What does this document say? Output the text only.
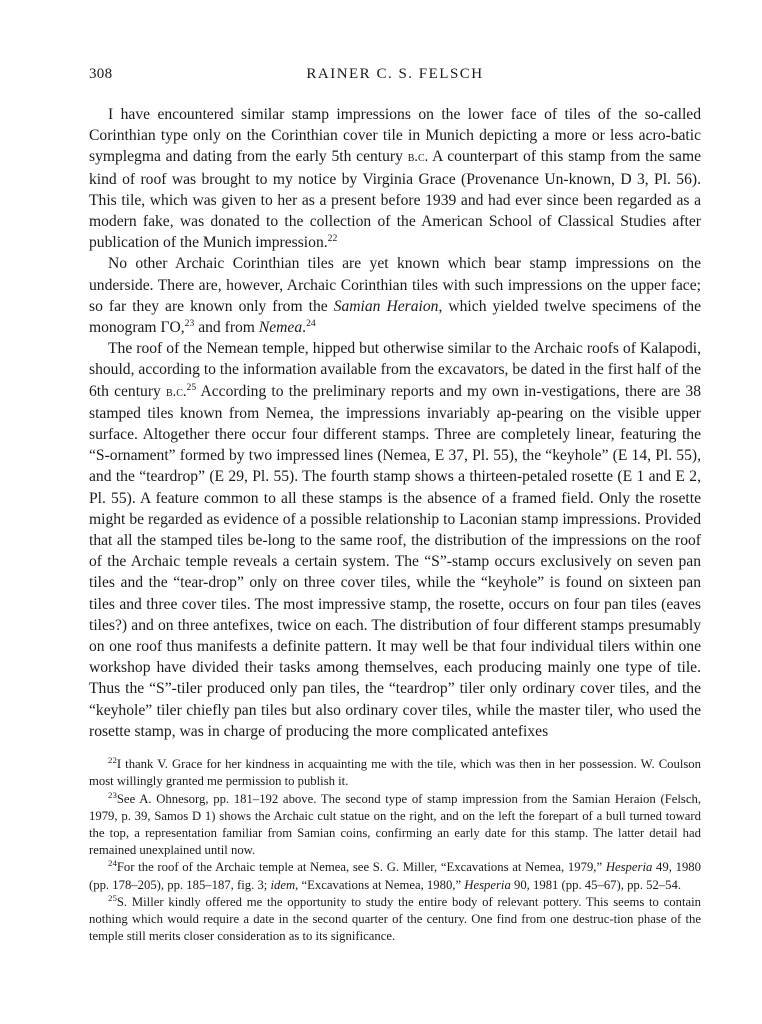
308	RAINER C. S. FELSCH

I have encountered similar stamp impressions on the lower face of tiles of the so-called Corinthian type only on the Corinthian cover tile in Munich depicting a more or less acro-batic symplegma and dating from the early 5th century b.c. A counterpart of this stamp from the same kind of roof was brought to my notice by Virginia Grace (Provenance Un-known, D 3, Pl. 56). This tile, which was given to her as a present before 1939 and had ever since been regarded as a modern fake, was donated to the collection of the American School of Classical Studies after publication of the Munich impression.$^{22}$

No other Archaic Corinthian tiles are yet known which bear stamp impressions on the underside. There are, however, Archaic Corinthian tiles with such impressions on the upper face; so far they are known only from the Samian Heraion, which yielded twelve specimens of the monogram ΓΟ,$^{23}$ and from Nemea.$^{24}$

The roof of the Nemean temple, hipped but otherwise similar to the Archaic roofs of Kalapodi, should, according to the information available from the excavators, be dated in the first half of the 6th century b.c.$^{25}$ According to the preliminary reports and my own in-vestigations, there are 38 stamped tiles known from Nemea, the impressions invariably ap-pearing on the visible upper surface. Altogether there occur four different stamps. Three are completely linear, featuring the “S-ornament” formed by two impressed lines (Nemea, E 37, Pl. 55), the “keyhole” (E 14, Pl. 55), and the “teardrop” (E 29, Pl. 55). The fourth stamp shows a thirteen-petaled rosette (E 1 and E 2, Pl. 55). A feature common to all these stamps is the absence of a framed field. Only the rosette might be regarded as evidence of a possible relationship to Laconian stamp impressions. Provided that all the stamped tiles be-long to the same roof, the distribution of the impressions on the roof of the Archaic temple reveals a certain system. The “S”-stamp occurs exclusively on seven pan tiles and the “tear-drop” only on three cover tiles, while the “keyhole” is found on sixteen pan tiles and three cover tiles. The most impressive stamp, the rosette, occurs on four pan tiles (eaves tiles?) and on three antefixes, twice on each. The distribution of four different stamps presumably on one roof thus manifests a definite pattern. It may well be that four individual tilers within one workshop have divided their tasks among themselves, each producing mainly one type of tile. Thus the “S”-tiler produced only pan tiles, the “teardrop” tiler only ordinary cover tiles, and the “keyhole” tiler chiefly pan tiles but also ordinary cover tiles, while the master tiler, who used the rosette stamp, was in charge of producing the more complicated antefixes

$^{22}$I thank V. Grace for her kindness in acquainting me with the tile, which was then in her possession. W. Coulson most willingly granted me permission to publish it.

$^{23}$See A. Ohnesorg, pp. 181–192 above. The second type of stamp impression from the Samian Heraion (Felsch, 1979, p. 39, Samos D 1) shows the Archaic cult statue on the right, and on the left the forepart of a bull turned toward the top, a representation familiar from Samian coins, confirming an early date for this stamp. The latter detail had remained unexplained until now.

$^{24}$For the roof of the Archaic temple at Nemea, see S. G. Miller, “Excavations at Nemea, 1979,” Hesperia 49, 1980 (pp. 178–205), pp. 185–187, fig. 3; idem, “Excavations at Nemea, 1980,” Hesperia 90, 1981 (pp. 45–67), pp. 52–54.

$^{25}$S. Miller kindly offered me the opportunity to study the entire body of relevant pottery. This seems to contain nothing which would require a date in the second quarter of the century. One find from one destruc-tion phase of the temple still merits closer consideration as to its significance.
